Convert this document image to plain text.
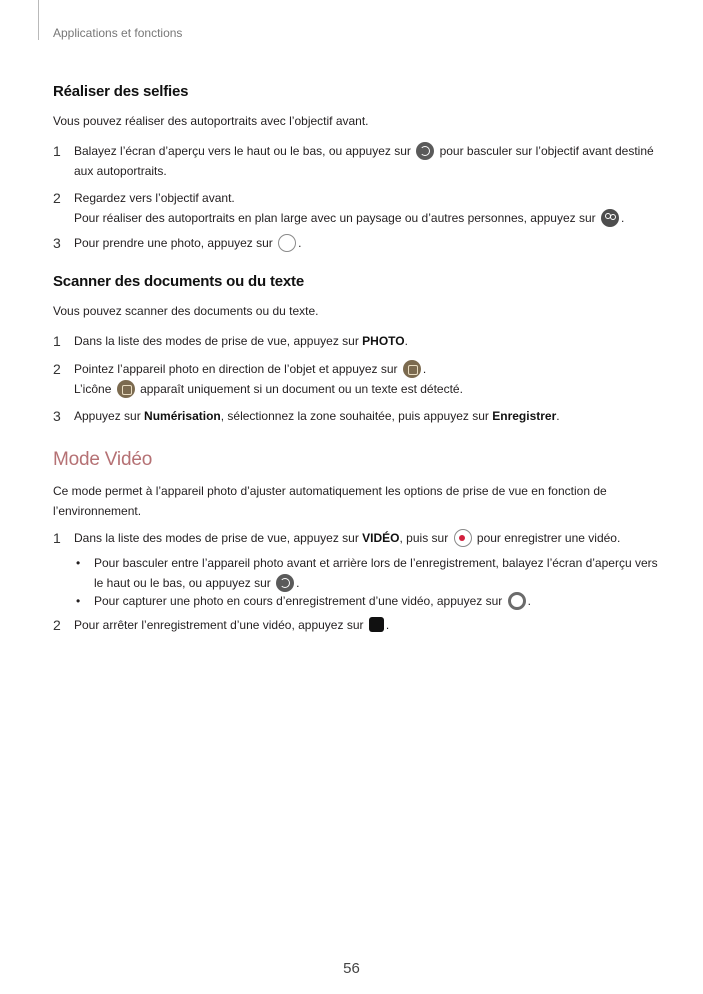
Applications et fonctions
Réaliser des selfies
Vous pouvez réaliser des autoportraits avec l’objectif avant.
1 Balayez l’écran d’aperçu vers le haut ou le bas, ou appuyez sur pour basculer sur l’objectif avant destiné aux autoportraits.
2 Regardez vers l’objectif avant.
Pour réaliser des autoportraits en plan large avec un paysage ou d’autres personnes, appuyez sur .
3 Pour prendre une photo, appuyez sur .
Scanner des documents ou du texte
Vous pouvez scanner des documents ou du texte.
1 Dans la liste des modes de prise de vue, appuyez sur PHOTO.
2 Pointez l’appareil photo en direction de l’objet et appuyez sur .
L’icône apparaît uniquement si un document ou un texte est détecté.
3 Appuyez sur Numérisation, sélectionnez la zone souhaitée, puis appuyez sur Enregistrer.
Mode Vidéo
Ce mode permet à l’appareil photo d’ajuster automatiquement les options de prise de vue en fonction de l’environnement.
1 Dans la liste des modes de prise de vue, appuyez sur VIDÉO, puis sur pour enregistrer une vidéo.
• Pour basculer entre l’appareil photo avant et arrière lors de l’enregistrement, balayez l’écran d’aperçu vers le haut ou le bas, ou appuyez sur .
• Pour capturer une photo en cours d’enregistrement d’une vidéo, appuyez sur .
2 Pour arrêter l’enregistrement d’une vidéo, appuyez sur .
56
